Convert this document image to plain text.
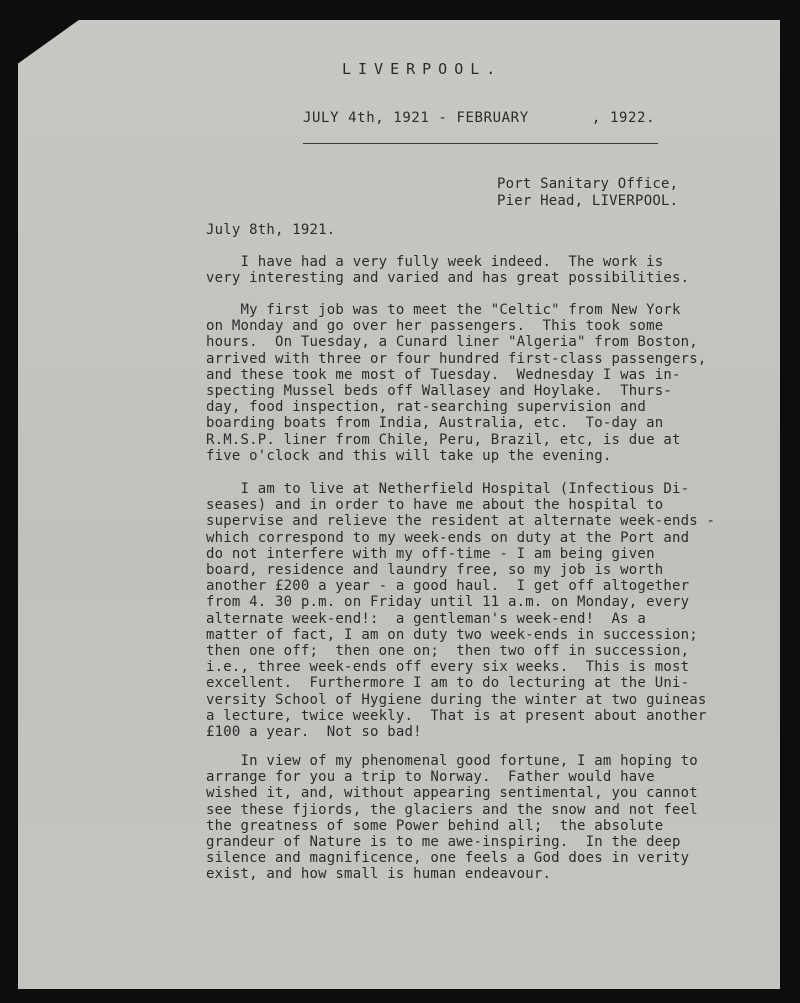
LIVERPOOL.
JULY 4th, 1921 - FEBRUARY       , 1922.
Port Sanitary Office,
Pier Head, LIVERPOOL.
July 8th, 1921.
I have had a very fully week indeed.  The work is
very interesting and varied and has great possibilities.
My first job was to meet the "Celtic" from New York
on Monday and go over her passengers.  This took some
hours.  On Tuesday, a Cunard liner "Algeria" from Boston,
arrived with three or four hundred first-class passengers,
and these took me most of Tuesday.  Wednesday I was in-
specting Mussel beds off Wallasey and Hoylake.  Thurs-
day, food inspection, rat-searching supervision and
boarding boats from India, Australia, etc.  To-day an
R.M.S.P. liner from Chile, Peru, Brazil, etc, is due at
five o'clock and this will take up the evening.
I am to live at Netherfield Hospital (Infectious Di-
seases) and in order to have me about the hospital to
supervise and relieve the resident at alternate week-ends -
which correspond to my week-ends on duty at the Port and
do not interfere with my off-time - I am being given
board, residence and laundry free, so my job is worth
another £200 a year - a good haul.  I get off altogether
from 4. 30 p.m. on Friday until 11 a.m. on Monday, every
alternate week-end!:  a gentleman's week-end!  As a
matter of fact, I am on duty two week-ends in succession;
then one off;  then one on;  then two off in succession,
i.e., three week-ends off every six weeks.  This is most
excellent.  Furthermore I am to do lecturing at the Uni-
versity School of Hygiene during the winter at two guineas
a lecture, twice weekly.  That is at present about another
£100 a year.  Not so bad!
In view of my phenomenal good fortune, I am hoping to
arrange for you a trip to Norway.  Father would have
wished it, and, without appearing sentimental, you cannot
see these fjiords, the glaciers and the snow and not feel
the greatness of some Power behind all;  the absolute
grandeur of Nature is to me awe-inspiring.  In the deep
silence and magnificence, one feels a God does in verity
exist, and how small is human endeavour.
